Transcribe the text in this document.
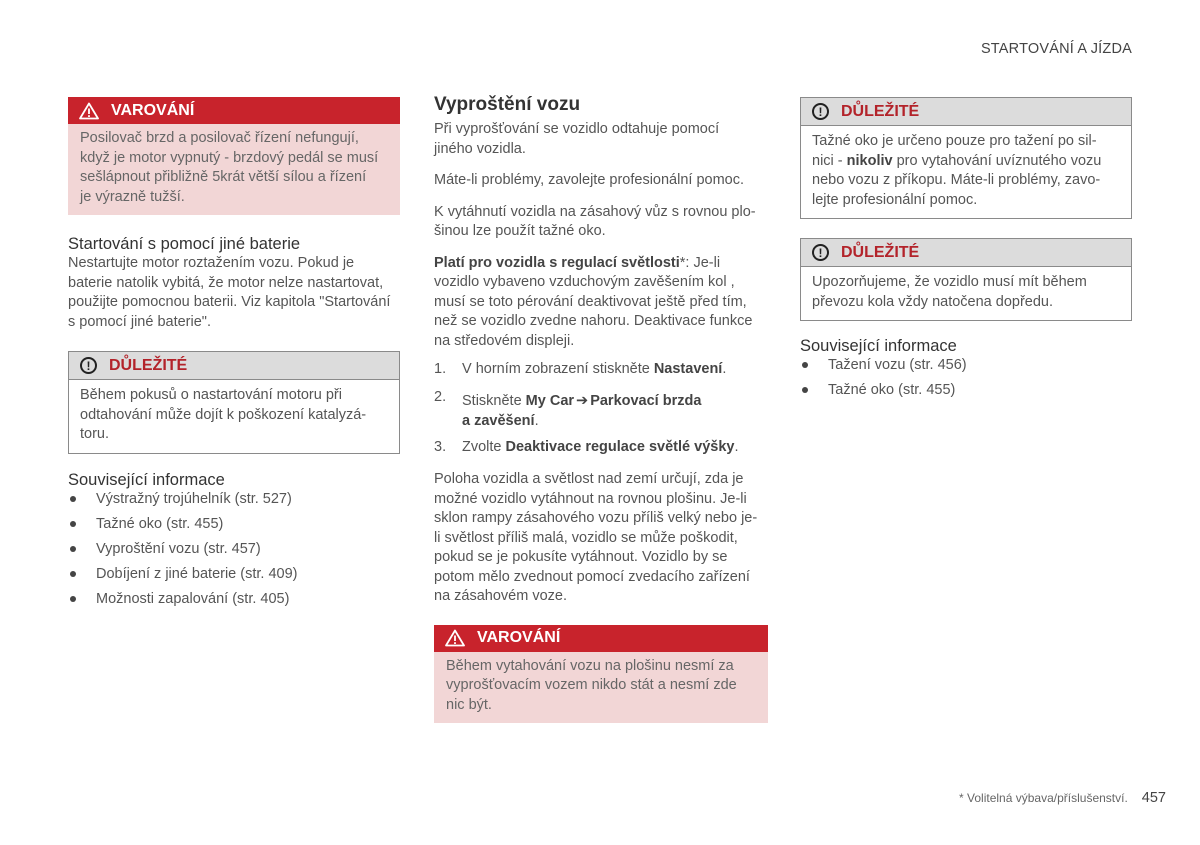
STARTOVÁNÍ A JÍZDA
VAROVÁNÍ
Posilovač brzd a posilovač řízení nefungují,
když je motor vypnutý - brzdový pedál se musí
sešlápnout přibližně 5krát větší sílou a řízení
je výrazně tužší.
Startování s pomocí jiné baterie
Nestartujte motor roztažením vozu. Pokud je
baterie natolik vybitá, že motor nelze nastartovat,
použijte pomocnou baterii. Viz kapitola "Startování
s pomocí jiné baterie".
!	DŮLEŽITÉ
Během pokusů o nastartování motoru při
odtahování může dojít k poškození katalyzá-
toru.
Související informace
Výstražný trojúhelník (str. 527)
Tažné oko (str. 455)
Vyproštění vozu (str. 457)
Dobíjení z jiné baterie (str. 409)
Možnosti zapalování (str. 405)
Vyproštění vozu
Při vyprošťování se vozidlo odtahuje pomocí
jiného vozidla.

Máte-li problémy, zavolejte profesionální pomoc.

K vytáhnutí vozidla na zásahový vůz s rovnou plo-
šinou lze použít tažné oko.
Platí pro vozidla s regulací světlosti*: Je-li
vozidlo vybaveno vzduchovým zavěšením kol ,
musí se toto pérování deaktivovat ještě před tím,
než se vozidlo zvedne nahoru. Deaktivace funkce
na středovém displeji.
1. V horním zobrazení stiskněte Nastavení.
2. Stiskněte My Car ➔ Parkovací brzda
a zavěšení.
3. Zvolte Deaktivace regulace světlé výšky.
Poloha vozidla a světlost nad zemí určují, zda je
možné vozidlo vytáhnout na rovnou plošinu. Je-li
sklon rampy zásahového vozu příliš velký nebo je-
li světlost příliš malá, vozidlo se může poškodit,
pokud se je pokusíte vytáhnout. Vozidlo by se
potom mělo zvednout pomocí zvedacího zařízení
na zásahovém voze.
VAROVÁNÍ
Během vytahování vozu na plošinu nesmí za
vyprošťovacím vozem nikdo stát a nesmí zde
nic být.
!	DŮLEŽITÉ
Tažné oko je určeno pouze pro tažení po sil-
nici - nikoliv pro vytahování uvíznutého vozu
nebo vozu z příkopu. Máte-li problémy, zavo-
lejte profesionální pomoc.
!	DŮLEŽITÉ
Upozorňujeme, že vozidlo musí mít během
převozu kola vždy natočena dopředu.
Související informace
Tažení vozu (str. 456)
Tažné oko (str. 455)
* Volitelná výbava/příslušenství. 457
